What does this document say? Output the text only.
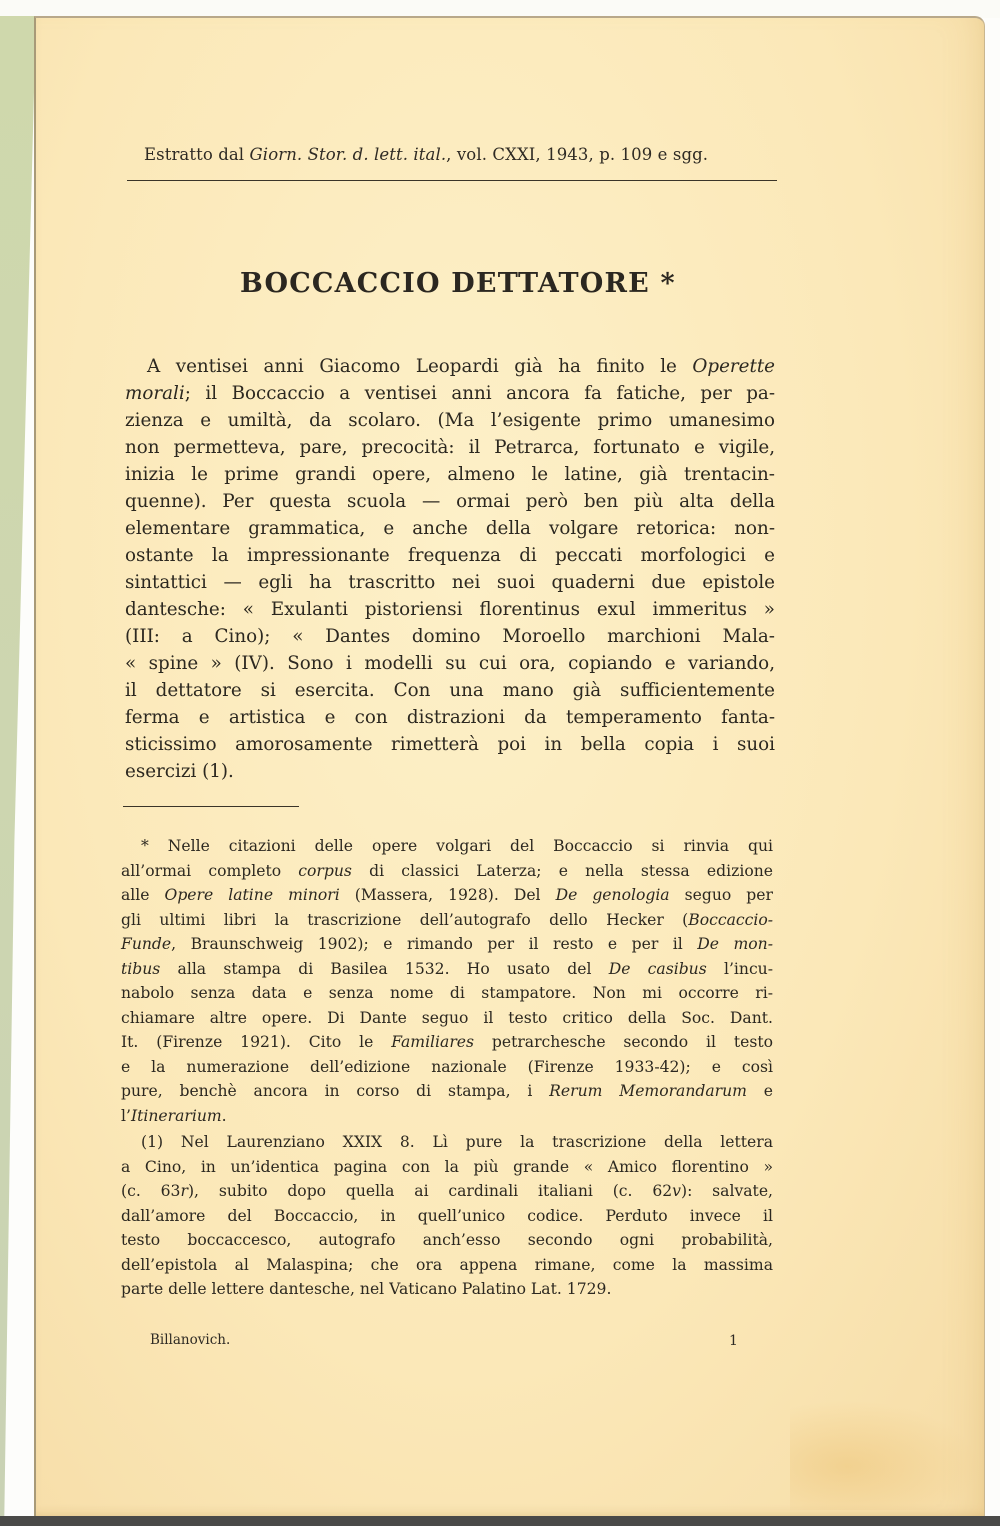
Estratto dal Giorn. Stor. d. lett. ital., vol. CXXI, 1943, p. 109 e sgg.
BOCCACCIO DETTATORE *
A ventisei anni Giacomo Leopardi già ha finito le Operette
morali; il Boccaccio a ventisei anni ancora fa fatiche, per pa-
zienza e umiltà, da scolaro. (Ma l’esigente primo umanesimo
non permetteva, pare, precocità: il Petrarca, fortunato e vigile,
inizia le prime grandi opere, almeno le latine, già trentacin-
quenne). Per questa scuola — ormai però ben più alta della
elementare grammatica, e anche della volgare retorica: non-
ostante la impressionante frequenza di peccati morfologici e
sintattici — egli ha trascritto nei suoi quaderni due epistole
dantesche: « Exulanti pistoriensi florentinus exul immeritus »
(III: a Cino); « Dantes domino Moroello marchioni Mala-
« spine » (IV). Sono i modelli su cui ora, copiando e variando,
il dettatore si esercita. Con una mano già sufficientemente
ferma e artistica e con distrazioni da temperamento fanta-
sticissimo amorosamente rimetterà poi in bella copia i suoi
esercizi (1).
* Nelle citazioni delle opere volgari del Boccaccio si rinvia qui
all’ormai completo corpus di classici Laterza; e nella stessa edizione
alle Opere latine minori (Massera, 1928). Del De genologia seguo per
gli ultimi libri la trascrizione dell’autografo dello Hecker (Boccaccio-
Funde, Braunschweig 1902); e rimando per il resto e per il De mon-
tibus alla stampa di Basilea 1532. Ho usato del De casibus l’incu-
nabolo senza data e senza nome di stampatore. Non mi occorre ri-
chiamare altre opere. Di Dante seguo il testo critico della Soc. Dant.
It. (Firenze 1921). Cito le Familiares petrarchesche secondo il testo
e la numerazione dell’edizione nazionale (Firenze 1933-42); e così
pure, benchè ancora in corso di stampa, i Rerum Memorandarum e
l’Itinerarium.
(1) Nel Laurenziano XXIX 8. Lì pure la trascrizione della lettera
a Cino, in un’identica pagina con la più grande « Amico florentino »
(c. 63r), subito dopo quella ai cardinali italiani (c. 62v): salvate,
dall’amore del Boccaccio, in quell’unico codice. Perduto invece il
testo boccaccesco, autografo anch’esso secondo ogni probabilità,
dell’epistola al Malaspina; che ora appena rimane, come la massima
parte delle lettere dantesche, nel Vaticano Palatino Lat. 1729.
Billanovich.	1
